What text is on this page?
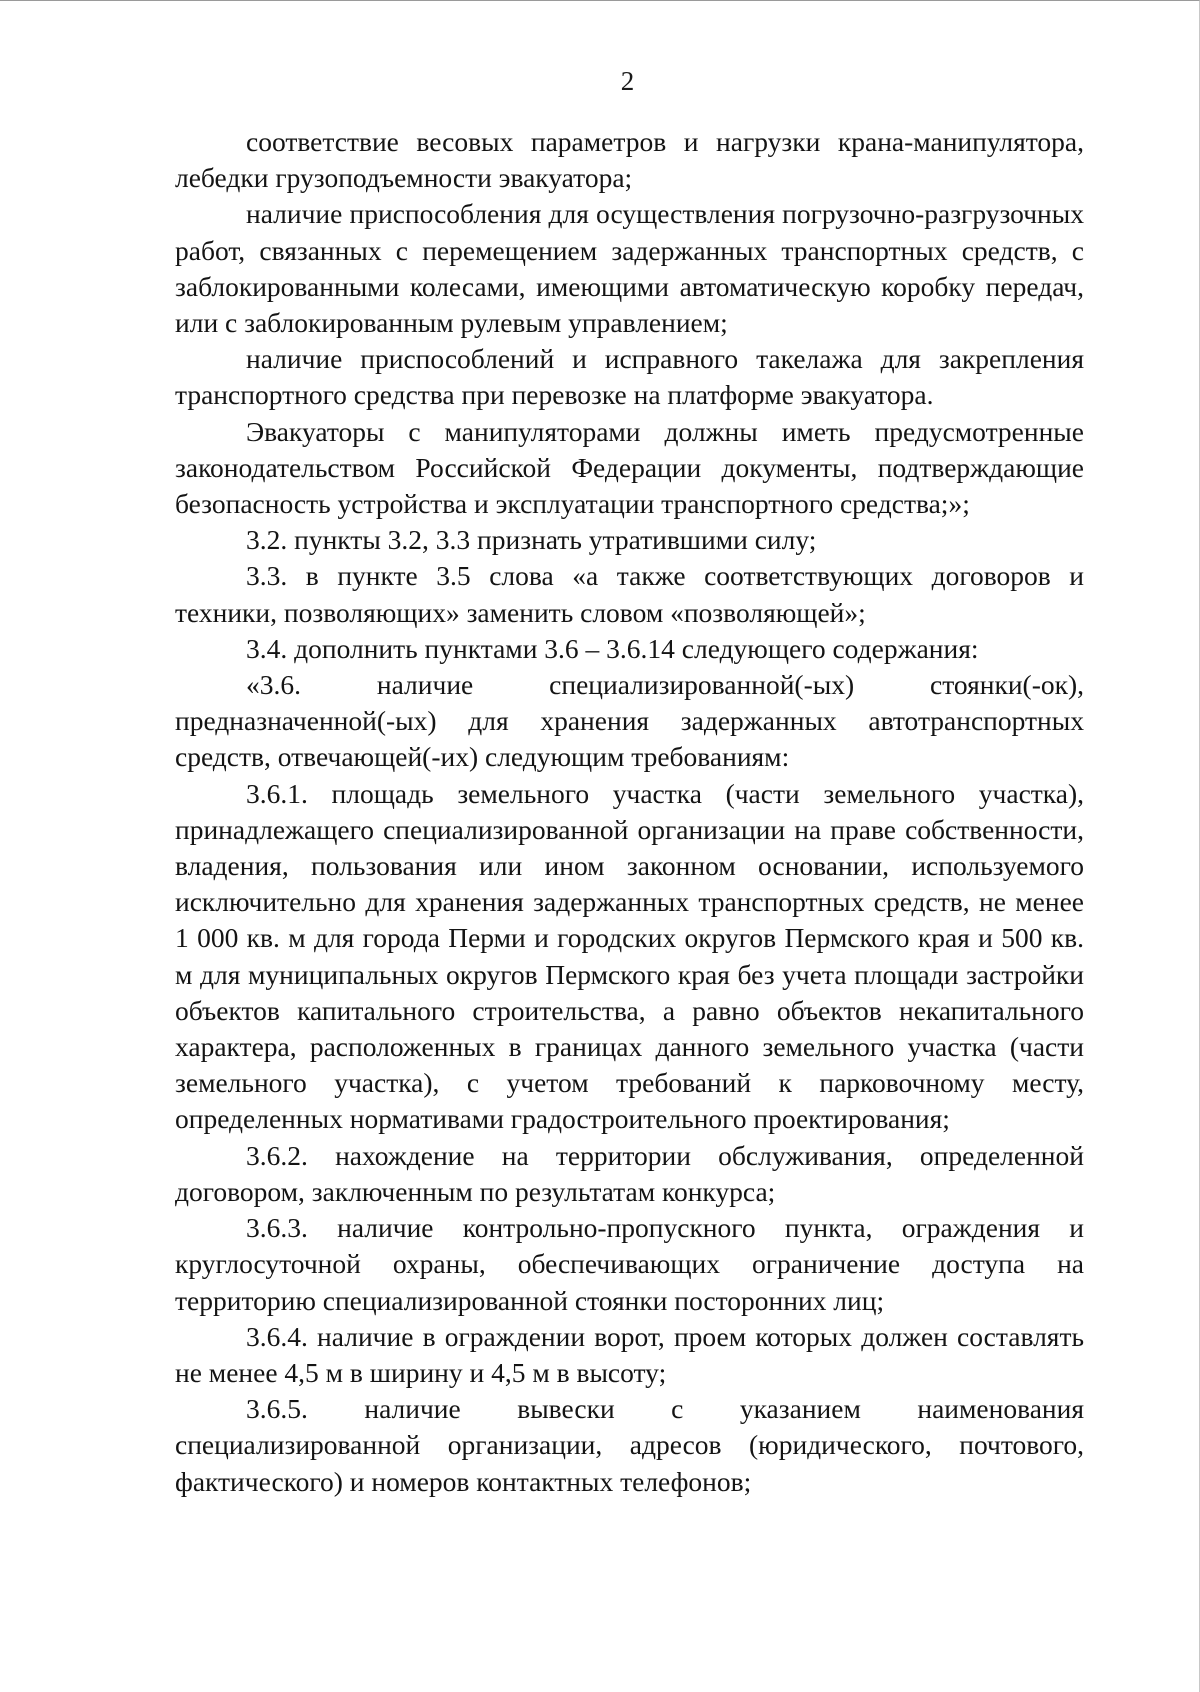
2

соответствие весовых параметров и нагрузки крана-манипулятора, лебедки грузоподъемности эвакуатора;

наличие приспособления для осуществления погрузочно-разгрузочных работ, связанных с перемещением задержанных транспортных средств, с заблокированными колесами, имеющими автоматическую коробку передач, или с заблокированным рулевым управлением;

наличие приспособлений и исправного такелажа для закрепления транспортного средства при перевозке на платформе эвакуатора.

Эвакуаторы с манипуляторами должны иметь предусмотренные законодательством Российской Федерации документы, подтверждающие безопасность устройства и эксплуатации транспортного средства;»;

3.2. пункты 3.2, 3.3 признать утратившими силу;

3.3. в пункте 3.5 слова «а также соответствующих договоров и техники, позволяющих» заменить словом «позволяющей»;

3.4. дополнить пунктами 3.6 – 3.6.14 следующего содержания:

«3.6. наличие специализированной(-ых) стоянки(-ок), предназначенной(-ых) для хранения задержанных автотранспортных средств, отвечающей(-их) следующим требованиям:

3.6.1. площадь земельного участка (части земельного участка), принадлежащего специализированной организации на праве собственности, владения, пользования или ином законном основании, используемого исключительно для хранения задержанных транспортных средств, не менее 1 000 кв. м для города Перми и городских округов Пермского края и 500 кв. м для муниципальных округов Пермского края без учета площади застройки объектов капитального строительства, а равно объектов некапитального характера, расположенных в границах данного земельного участка (части земельного участка), с учетом требований к парковочному месту, определенных нормативами градостроительного проектирования;

3.6.2. нахождение на территории обслуживания, определенной договором, заключенным по результатам конкурса;

3.6.3. наличие контрольно-пропускного пункта, ограждения и круглосуточной охраны, обеспечивающих ограничение доступа на территорию специализированной стоянки посторонних лиц;

3.6.4. наличие в ограждении ворот, проем которых должен составлять не менее 4,5 м в ширину и 4,5 м в высоту;

3.6.5. наличие вывески с указанием наименования специализированной организации, адресов (юридического, почтового, фактического) и номеров контактных телефонов;
